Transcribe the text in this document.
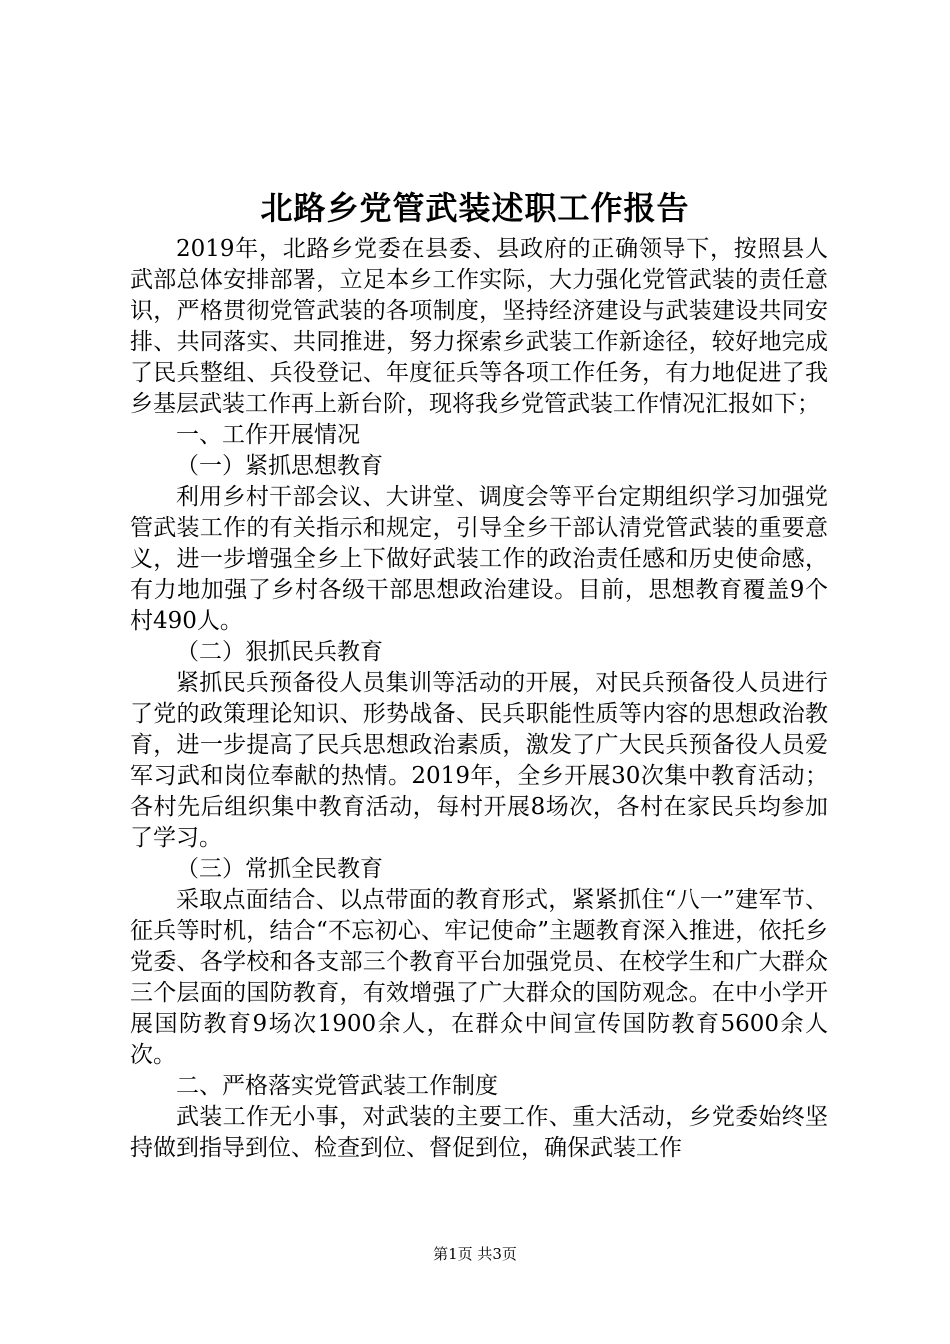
北路乡党管武装述职工作报告

2019年，北路乡党委在县委、县政府的正确领导下，按照县人武部总体安排部署，立足本乡工作实际，大力强化党管武装的责任意识，严格贯彻党管武装的各项制度，坚持经济建设与武装建设共同安排、共同落实、共同推进，努力探索乡武装工作新途径，较好地完成了民兵整组、兵役登记、年度征兵等各项工作任务，有力地促进了我乡基层武装工作再上新台阶，现将我乡党管武装工作情况汇报如下；

一、工作开展情况

（一）紧抓思想教育

利用乡村干部会议、大讲堂、调度会等平台定期组织学习加强党管武装工作的有关指示和规定，引导全乡干部认清党管武装的重要意义，进一步增强全乡上下做好武装工作的政治责任感和历史使命感，有力地加强了乡村各级干部思想政治建设。目前，思想教育覆盖9个村490人。

（二）狠抓民兵教育

紧抓民兵预备役人员集训等活动的开展，对民兵预备役人员进行了党的政策理论知识、形势战备、民兵职能性质等内容的思想政治教育，进一步提高了民兵思想政治素质，激发了广大民兵预备役人员爱军习武和岗位奉献的热情。2019年，全乡开展30次集中教育活动；各村先后组织集中教育活动，每村开展8场次，各村在家民兵均参加了学习。

（三）常抓全民教育

采取点面结合、以点带面的教育形式，紧紧抓住“八一”建军节、征兵等时机，结合“不忘初心、牢记使命”主题教育深入推进，依托乡党委、各学校和各支部三个教育平台加强党员、在校学生和广大群众三个层面的国防教育，有效增强了广大群众的国防观念。在中小学开展国防教育9场次1900余人，在群众中间宣传国防教育5600余人次。

二、严格落实党管武装工作制度

武装工作无小事，对武装的主要工作、重大活动，乡党委始终坚持做到指导到位、检查到位、督促到位，确保武装工作

第1页 共3页
